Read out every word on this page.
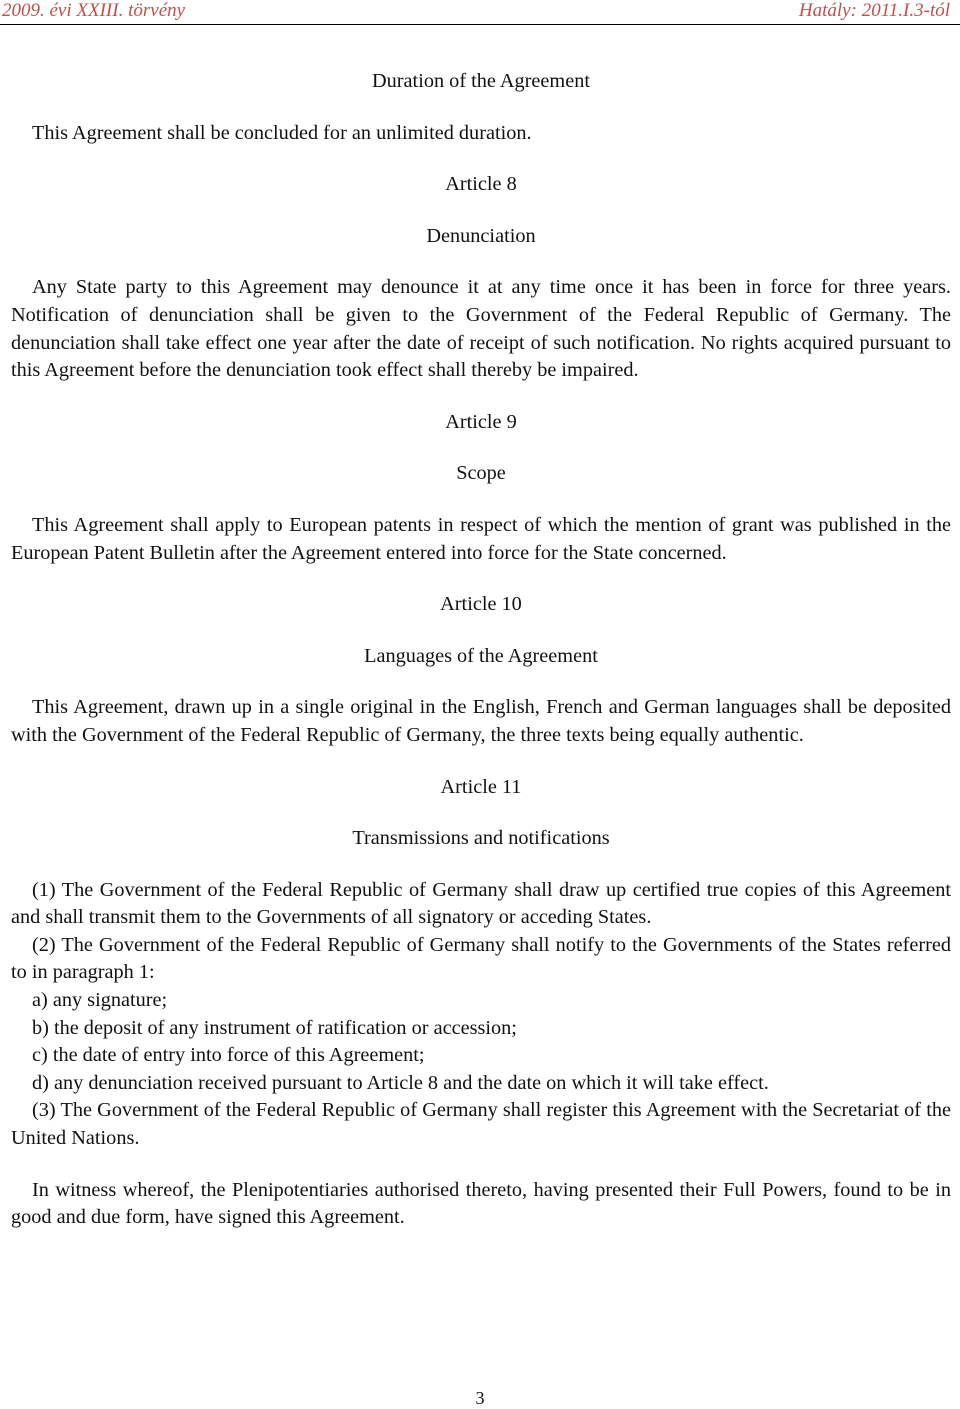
2009. évi XXIII. törvény	Hatály: 2011.I.3-tól
Duration of the Agreement

This Agreement shall be concluded for an unlimited duration.

Article 8
Denunciation

Any State party to this Agreement may denounce it at any time once it has been in force for three years. Notification of denunciation shall be given to the Government of the Federal Republic of Germany. The denunciation shall take effect one year after the date of receipt of such notification. No rights acquired pursuant to this Agreement before the denunciation took effect shall thereby be impaired.

Article 9
Scope

This Agreement shall apply to European patents in respect of which the mention of grant was published in the European Patent Bulletin after the Agreement entered into force for the State concerned.

Article 10
Languages of the Agreement

This Agreement, drawn up in a single original in the English, French and German languages shall be deposited with the Government of the Federal Republic of Germany, the three texts being equally authentic.

Article 11
Transmissions and notifications

(1) The Government of the Federal Republic of Germany shall draw up certified true copies of this Agreement and shall transmit them to the Governments of all signatory or acceding States.

(2) The Government of the Federal Republic of Germany shall notify to the Governments of the States referred to in paragraph 1:

a) any signature;

b) the deposit of any instrument of ratification or accession;

c) the date of entry into force of this Agreement;

d) any denunciation received pursuant to Article 8 and the date on which it will take effect.

(3) The Government of the Federal Republic of Germany shall register this Agreement with the Secretariat of the United Nations.

In witness whereof, the Plenipotentiaries authorised thereto, having presented their Full Powers, found to be in good and due form, have signed this Agreement.

3
